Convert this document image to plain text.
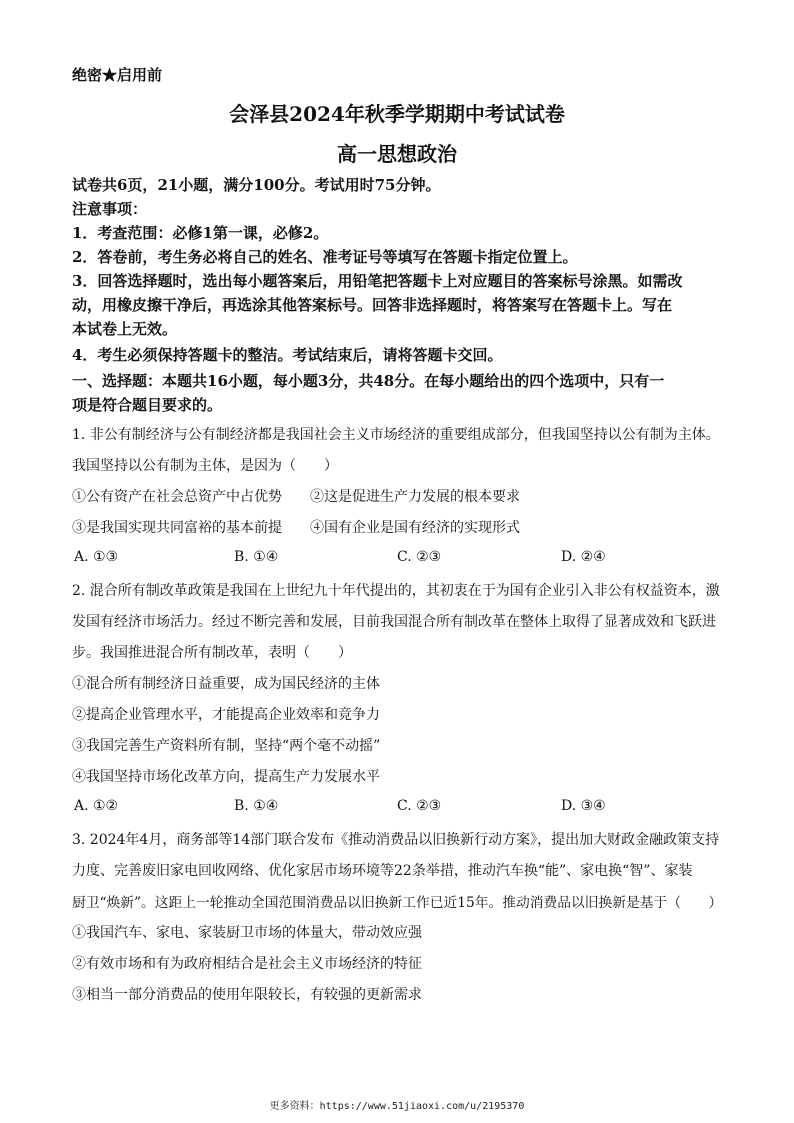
绝密★启用前
会泽县2024年秋季学期期中考试试卷
高一思想政治
试卷共6页，21小题，满分100分。考试用时75分钟。
注意事项：
1．考查范围：必修1第一课，必修2。
2．答卷前，考生务必将自己的姓名、准考证号等填写在答题卡指定位置上。
3．回答选择题时，选出每小题答案后，用铅笔把答题卡上对应题目的答案标号涂黑。如需改
动，用橡皮擦干净后，再选涂其他答案标号。回答非选择题时，将答案写在答题卡上。写在
本试卷上无效。
4．考生必须保持答题卡的整洁。考试结束后，请将答题卡交回。
一、选择题：本题共16小题，每小题3分，共48分。在每小题给出的四个选项中，只有一
项是符合题目要求的。
1. 非公有制经济与公有制经济都是我国社会主义市场经济的重要组成部分，但我国坚持以公有制为主体。
我国坚持以公有制为主体，是因为（　　）
①公有资产在社会总资产中占优势 ②这是促进生产力发展的根本要求
③是我国实现共同富裕的基本前提 ④国有企业是国有经济的实现形式
A. ①③	B. ①④	C. ②③	D. ②④
2. 混合所有制改革政策是我国在上世纪九十年代提出的，其初衷在于为国有企业引入非公有权益资本，激
发国有经济市场活力。经过不断完善和发展，目前我国混合所有制改革在整体上取得了显著成效和飞跃进
步。我国推进混合所有制改革，表明（　　）
①混合所有制经济日益重要，成为国民经济的主体
②提高企业管理水平，才能提高企业效率和竞争力
③我国完善生产资料所有制，坚持“两个毫不动摇”
④我国坚持市场化改革方向，提高生产力发展水平
A. ①②	B. ①④	C. ②③	D. ③④
3. 2024年4月，商务部等14部门联合发布《推动消费品以旧换新行动方案》，提出加大财政金融政策支持
力度、完善废旧家电回收网络、优化家居市场环境等22条举措，推动汽车换“能”、家电换“智”、家装
厨卫“焕新”。这距上一轮推动全国范围消费品以旧换新工作已近15年。推动消费品以旧换新是基于（　　）
①我国汽车、家电、家装厨卫市场的体量大，带动效应强
②有效市场和有为政府相结合是社会主义市场经济的特征
③相当一部分消费品的使用年限较长，有较强的更新需求
更多资料：https://www.51jiaoxi.com/u/2195370
